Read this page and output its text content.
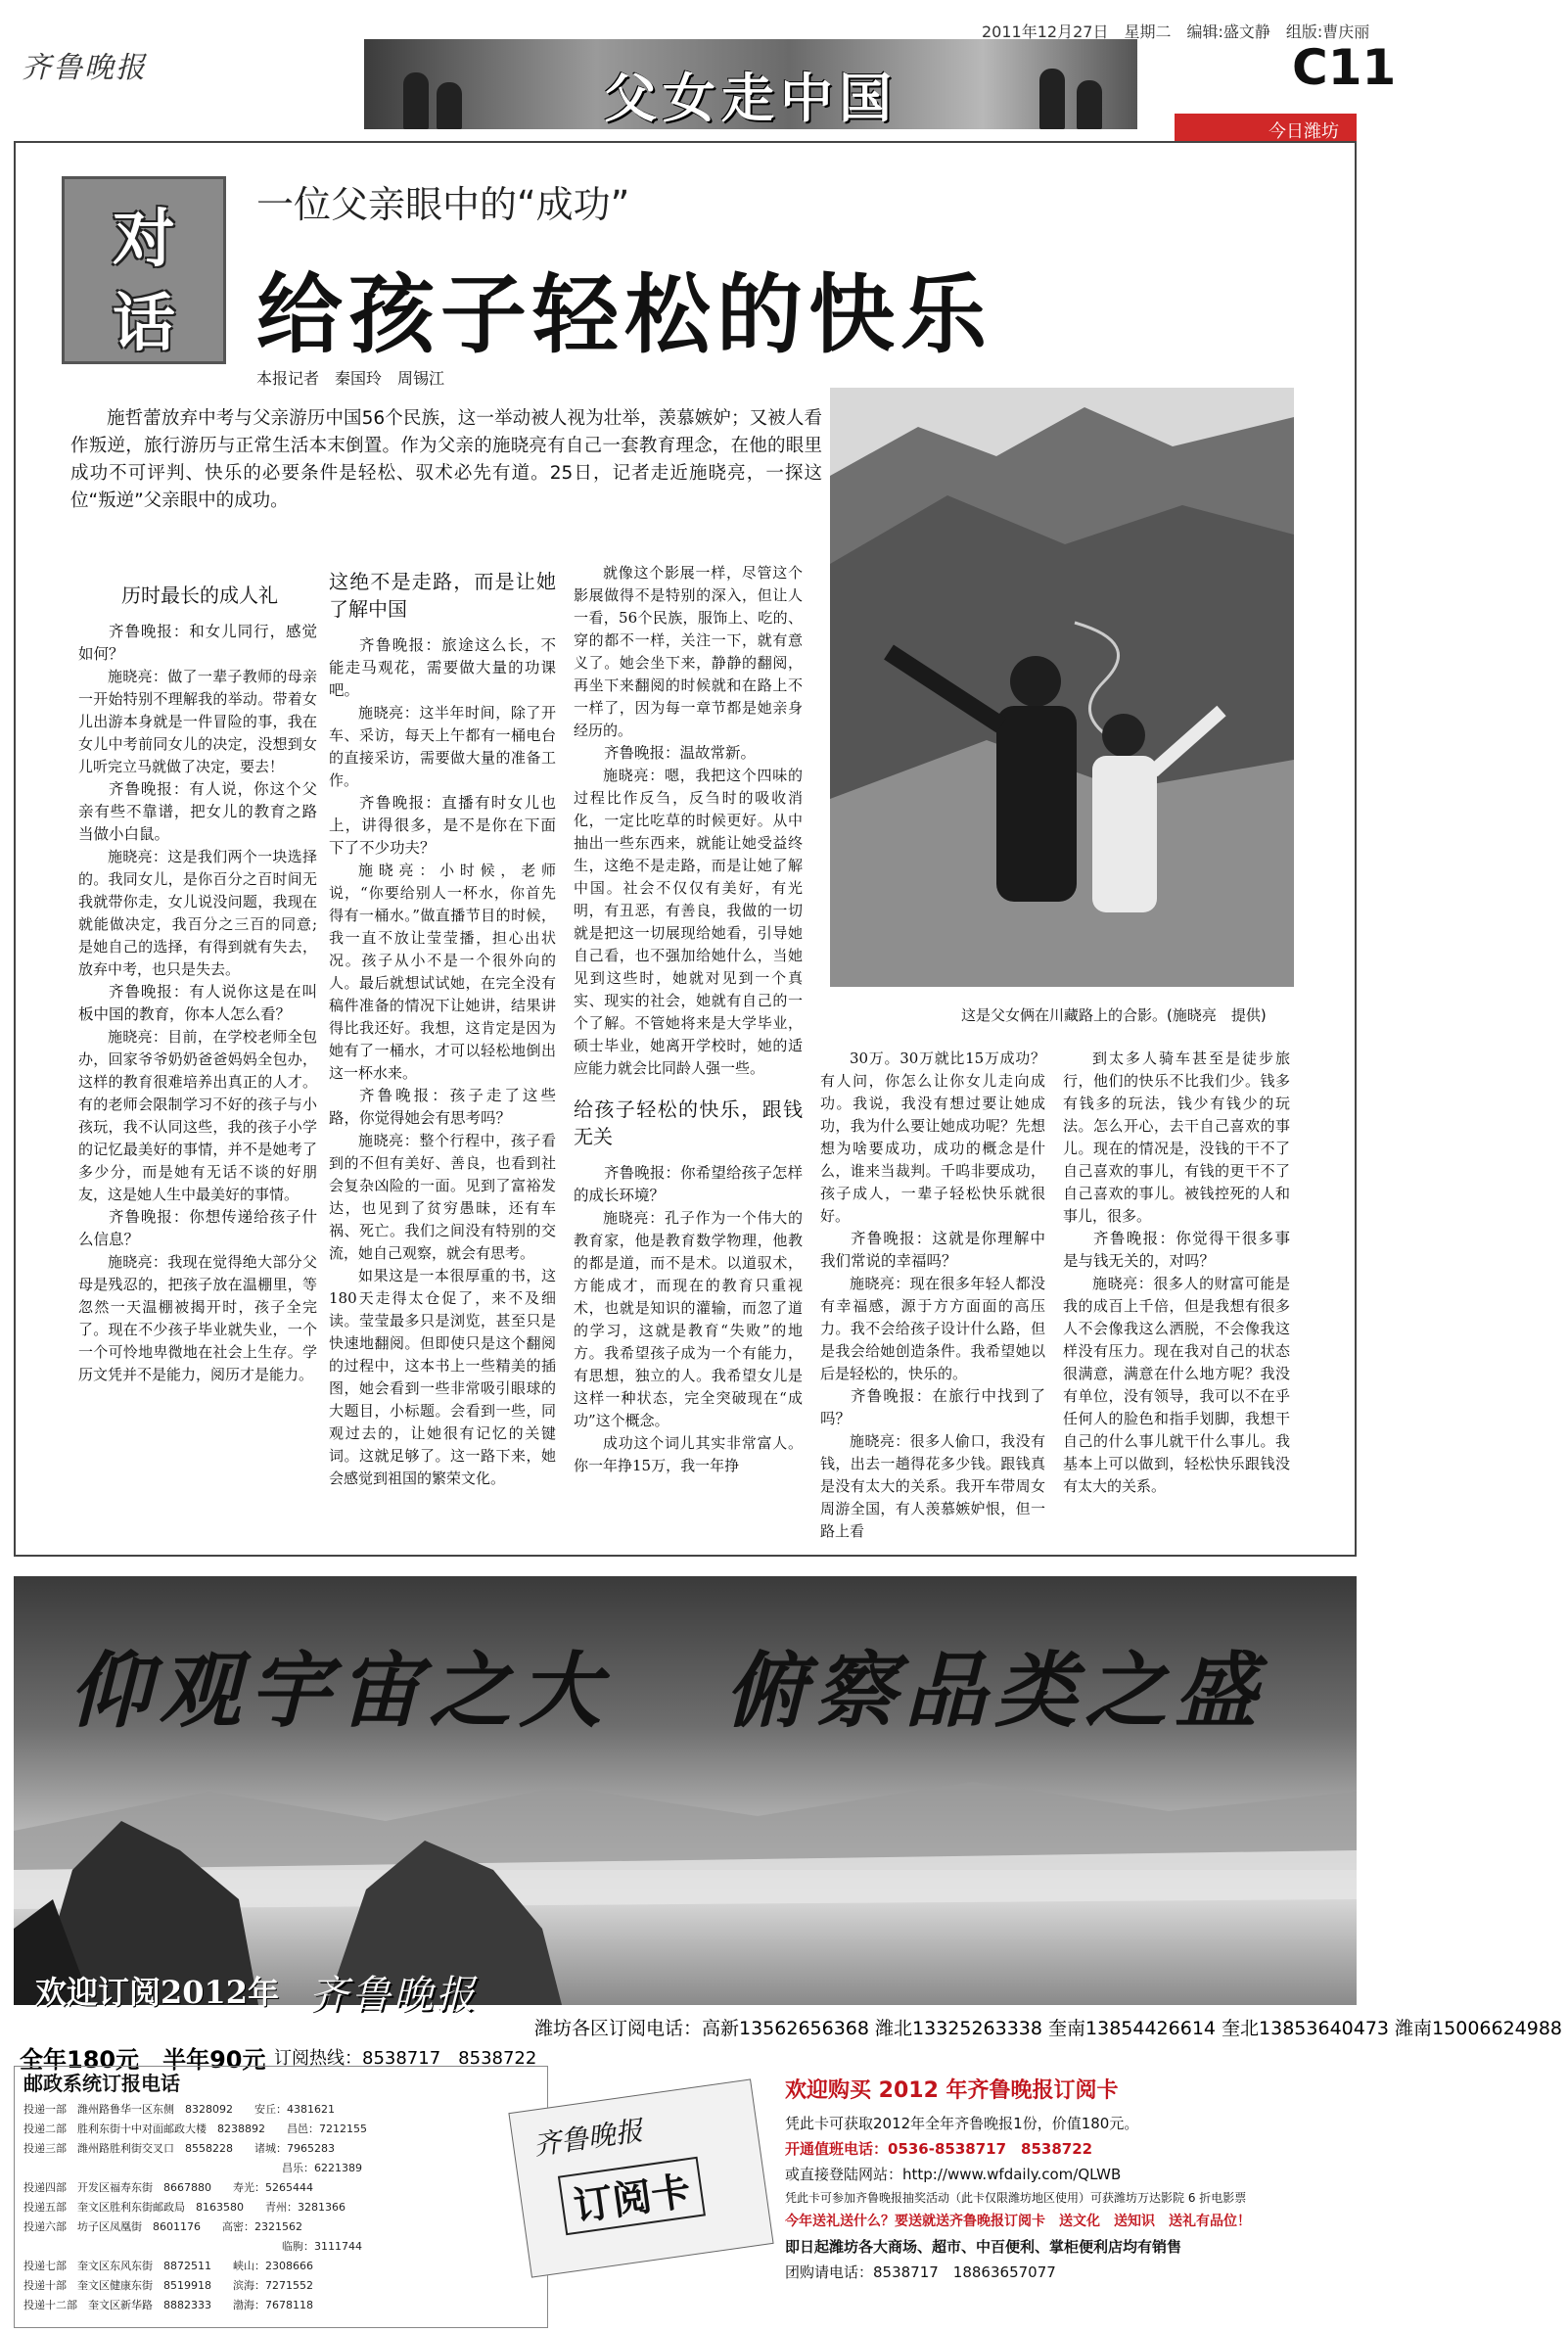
齐鲁晚报	父女走中国
2011年12月27日　星期二　编辑:盛文静　组版:曹庆丽
C11
今日潍坊
对
话
一位父亲眼中的“成功”
给孩子轻松的快乐
本报记者　秦国玲　周锡江
施哲蕾放弃中考与父亲游历中国56个民族，这一举动被人视为壮举，羡慕嫉妒；又被人看作叛逆，旅行游历与正常生活本末倒置。作为父亲的施晓亮有自己一套教育理念，在他的眼里成功不可评判、快乐的必要条件是轻松、驭术必先有道。25日，记者走近施晓亮，一探这位“叛逆”父亲眼中的成功。
这是父女俩在川藏路上的合影。(施晓亮　提供)
历时最长的成人礼

齐鲁晚报：和女儿同行，感觉如何？

施晓亮：做了一辈子教师的母亲一开始特别不理解我的举动。带着女儿出游本身就是一件冒险的事，我在女儿中考前同女儿的决定，没想到女儿听完立马就做了决定，要去！

齐鲁晚报：有人说，你这个父亲有些不靠谱，把女儿的教育之路当做小白鼠。

施晓亮：这是我们两个一块选择的。我同女儿，是你百分之百时间无我就带你走，女儿说没问题，我现在就能做决定，我百分之三百的同意;是她自己的选择，有得到就有失去，放弃中考，也只是失去。

齐鲁晚报：有人说你这是在叫板中国的教育，你本人怎么看？

施晓亮：目前，在学校老师全包办，回家爷爷奶奶爸爸妈妈全包办，这样的教育很难培养出真正的人才。有的老师会限制学习不好的孩子与小孩玩，我不认同这些，我的孩子小学的记忆最美好的事情，并不是她考了多少分，而是她有无话不谈的好朋友，这是她人生中最美好的事情。

齐鲁晚报：你想传递给孩子什么信息？

施晓亮：我现在觉得绝大部分父母是残忍的，把孩子放在温棚里，等忽然一天温棚被揭开时，孩子全完了。现在不少孩子毕业就失业，一个一个可怜地卑微地在社会上生存。学历文凭并不是能力，阅历才是能力。

这绝不是走路，而是让她了解中国

齐鲁晚报：旅途这么长，不能走马观花，需要做大量的功课吧。

施晓亮：这半年时间，除了开车、采访，每天上午都有一桶电台的直接采访，需要做大量的准备工作。

齐鲁晚报：直播有时女儿也上，讲得很多，是不是你在下面下了不少功夫？

施晓亮：小时候，老师说，“你要给别人一杯水，你首先得有一桶水。”做直播节目的时候，我一直不放让莹莹播，担心出状况。孩子从小不是一个很外向的人。最后就想试试她，在完全没有稿件准备的情况下让她讲，结果讲得比我还好。我想，这肯定是因为她有了一桶水，才可以轻松地倒出这一杯水来。

齐鲁晚报：孩子走了这些路，你觉得她会有思考吗？

施晓亮：整个行程中，孩子看到的不但有美好、善良，也看到社会复杂凶险的一面。见到了富裕发达，也见到了贫穷愚昧，还有车祸、死亡。我们之间没有特别的交流，她自己观察，就会有思考。

如果这是一本很厚重的书，这180天走得太仓促了，来不及细读。莹莹最多只是浏览，甚至只是快速地翻阅。但即使只是这个翻阅的过程中，这本书上一些精美的插图，她会看到一些非常吸引眼球的大题目，小标题。会看到一些，同观过去的，让她很有记忆的关键词。这就足够了。这一路下来，她会感觉到祖国的繁荣文化。

就像这个影展一样，尽管这个影展做得不是特别的深入，但让人一看，56个民族，服饰上、吃的、穿的都不一样，关注一下，就有意义了。她会坐下来，静静的翻阅，再坐下来翻阅的时候就和在路上不一样了，因为每一章节都是她亲身经历的。

齐鲁晚报：温故常新。

施晓亮：嗯，我把这个四味的过程比作反刍，反刍时的吸收消化，一定比吃草的时候更好。从中抽出一些东西来，就能让她受益终生，这绝不是走路，而是让她了解中国。社会不仅仅有美好，有光明，有丑恶，有善良，我做的一切就是把这一切展现给她看，引导她自己看，也不强加给她什么，当她见到这些时，她就对见到一个真实、现实的社会，她就有自己的一个了解。不管她将来是大学毕业，硕士毕业，她离开学校时，她的适应能力就会比同龄人强一些。

给孩子轻松的快乐，跟钱无关

齐鲁晚报：你希望给孩子怎样的成长环境？

施晓亮：孔子作为一个伟大的教育家，他是教育数学物理，他教的都是道，而不是术。以道驭术，方能成才，而现在的教育只重视术，也就是知识的灌输，而忽了道的学习，这就是教育“失败”的地方。我希望孩子成为一个有能力，有思想，独立的人。我希望女儿是这样一种状态，完全突破现在“成功”这个概念。

成功这个词儿其实非常富人。你一年挣15万，我一年挣

30万。30万就比15万成功？有人问，你怎么让你女儿走向成功。我说，我没有想过要让她成功，我为什么要让她成功呢？先想想为啥要成功，成功的概念是什么，谁来当裁判。千呜非要成功，孩子成人，一辈子轻松快乐就很好。

齐鲁晚报：这就是你理解中我们常说的幸福吗？

施晓亮：现在很多年轻人都没有幸福感，源于方方面面的高压力。我不会给孩子设计什么路，但是我会给她创造条件。我希望她以后是轻松的，快乐的。

齐鲁晚报：在旅行中找到了吗？

施晓亮：很多人偷口，我没有钱，出去一趟得花多少钱。跟钱真是没有太大的关系。我开车带周女周游全国，有人羡慕嫉妒恨，但一路上看

到太多人骑车甚至是徒步旅行，他们的快乐不比我们少。钱多有钱多的玩法，钱少有钱少的玩法。怎么开心，去干自己喜欢的事儿。现在的情况是，没钱的干不了自己喜欢的事儿，有钱的更干不了自己喜欢的事儿。被钱控死的人和事儿，很多。

齐鲁晚报：你觉得干很多事是与钱无关的，对吗？

施晓亮：很多人的财富可能是我的成百上千倍，但是我想有很多人不会像我这么洒脱，不会像我这样没有压力。现在我对自己的状态很满意，满意在什么地方呢？我没有单位，没有领导，我可以不在乎任何人的脸色和指手划脚，我想干自己的什么事儿就干什么事儿。我基本上可以做到，轻松快乐跟钱没有太大的关系。

仰观宇宙之大 俯察品类之盛
欢迎订阅2012年 齐鲁晚报
潍坊各区订阅电话：高新13562656368 潍北13325263338 奎南13854426614 奎北13853640473 潍南15006624988
全年180元　半年90元 订阅热线：8538717　8538722
邮政系统订报电话
投递一部　潍州路鲁华一区东侧　8328092　　安丘：4381621
投递二部　胜利东街十中对面邮政大楼　8238892　　昌邑：7212155
投递三部　潍州路胜利街交叉口　8558228　　诸城：7965283
　　　　　　　　　　　　　　　　　　　　　　　　昌乐：6221389
投递四部　开发区福寿东街　8667880　　寿光：5265444
投递五部　奎文区胜利东街邮政局　8163580　　青州：3281366
投递六部　坊子区凤凰街　8601176　　高密：2321562
　　　　　　　　　　　　　　　　　　　　　　　　临朐：3111744
投递七部　奎文区东风东街　8872511　　峡山：2308666
投递十部　奎文区健康东街　8519918　　滨海：7271552
投递十二部　奎文区新华路　8882333　　渤海：7678118
齐鲁晚报
订阅卡
欢迎购买 2012 年齐鲁晚报订阅卡
凭此卡可获取2012年全年齐鲁晚报1份，价值180元。
开通值班电话：0536-8538717　8538722
或直接登陆网站：http://www.wfdaily.com/QLWB
凭此卡可参加齐鲁晚报抽奖活动（此卡仅限潍坊地区使用）可获潍坊万达影院 6 折电影票
今年送礼送什么？要送就送齐鲁晚报订阅卡　送文化　送知识　送礼有品位！
即日起潍坊各大商场、超市、中百便利、掌柜便利店均有销售
团购请电话：8538717　18863657077
